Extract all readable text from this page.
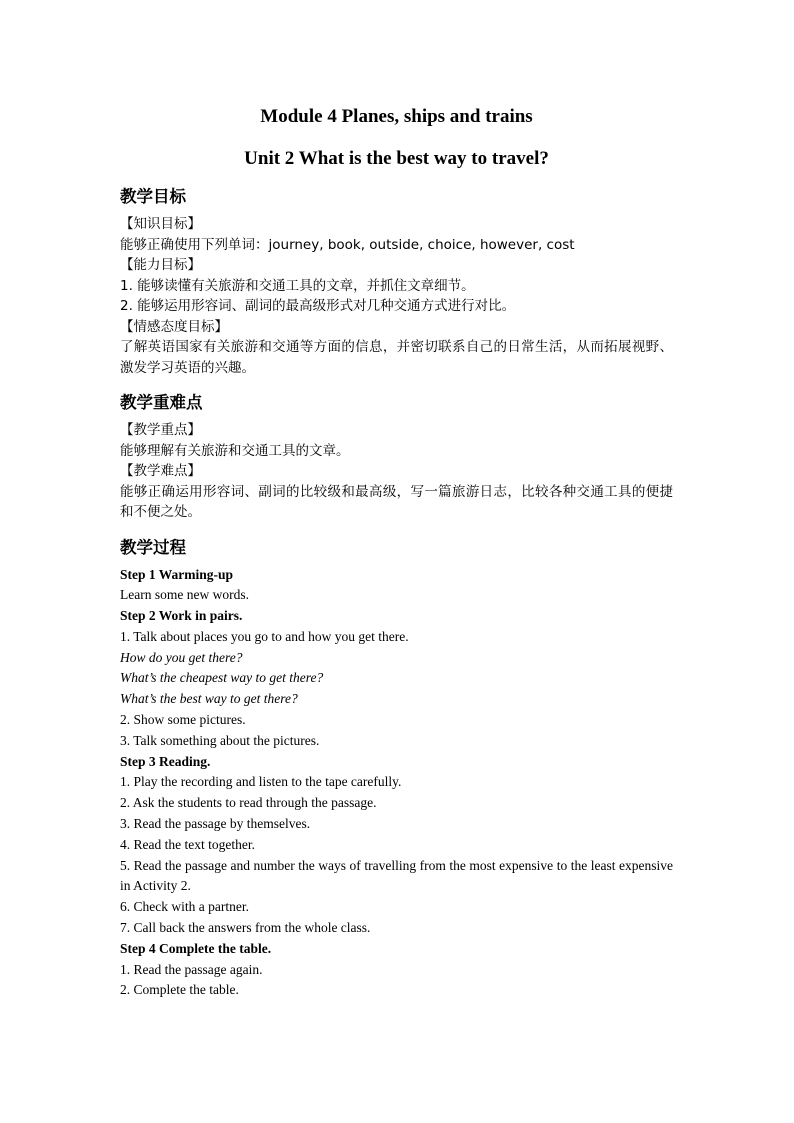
Module 4 Planes, ships and trains

Unit 2 What is the best way to travel?

教学目标

【知识目标】

能够正确使用下列单词：journey, book, outside, choice, however, cost

【能力目标】

1. 能够读懂有关旅游和交通工具的文章，并抓住文章细节。

2. 能够运用形容词、副词的最高级形式对几种交通方式进行对比。

【情感态度目标】

了解英语国家有关旅游和交通等方面的信息，并密切联系自己的日常生活，从而拓展视野、激发学习英语的兴趣。

教学重难点

【教学重点】

能够理解有关旅游和交通工具的文章。

【教学难点】

能够正确运用形容词、副词的比较级和最高级，写一篇旅游日志，比较各种交通工具的便捷和不便之处。

教学过程

Step 1 Warming-up

Learn some new words.

Step 2 Work in pairs.

1. Talk about places you go to and how you get there.

How do you get there?

What’s the cheapest way to get there?

What’s the best way to get there?

2. Show some pictures.

3. Talk something about the pictures.

Step 3 Reading.

1. Play the recording and listen to the tape carefully.

2. Ask the students to read through the passage.

3. Read the passage by themselves.

4. Read the text together.

5. Read the passage and number the ways of travelling from the most expensive to the least expensive in Activity 2.

6. Check with a partner.

7. Call back the answers from the whole class.

Step 4 Complete the table.

1. Read the passage again.

2. Complete the table.
